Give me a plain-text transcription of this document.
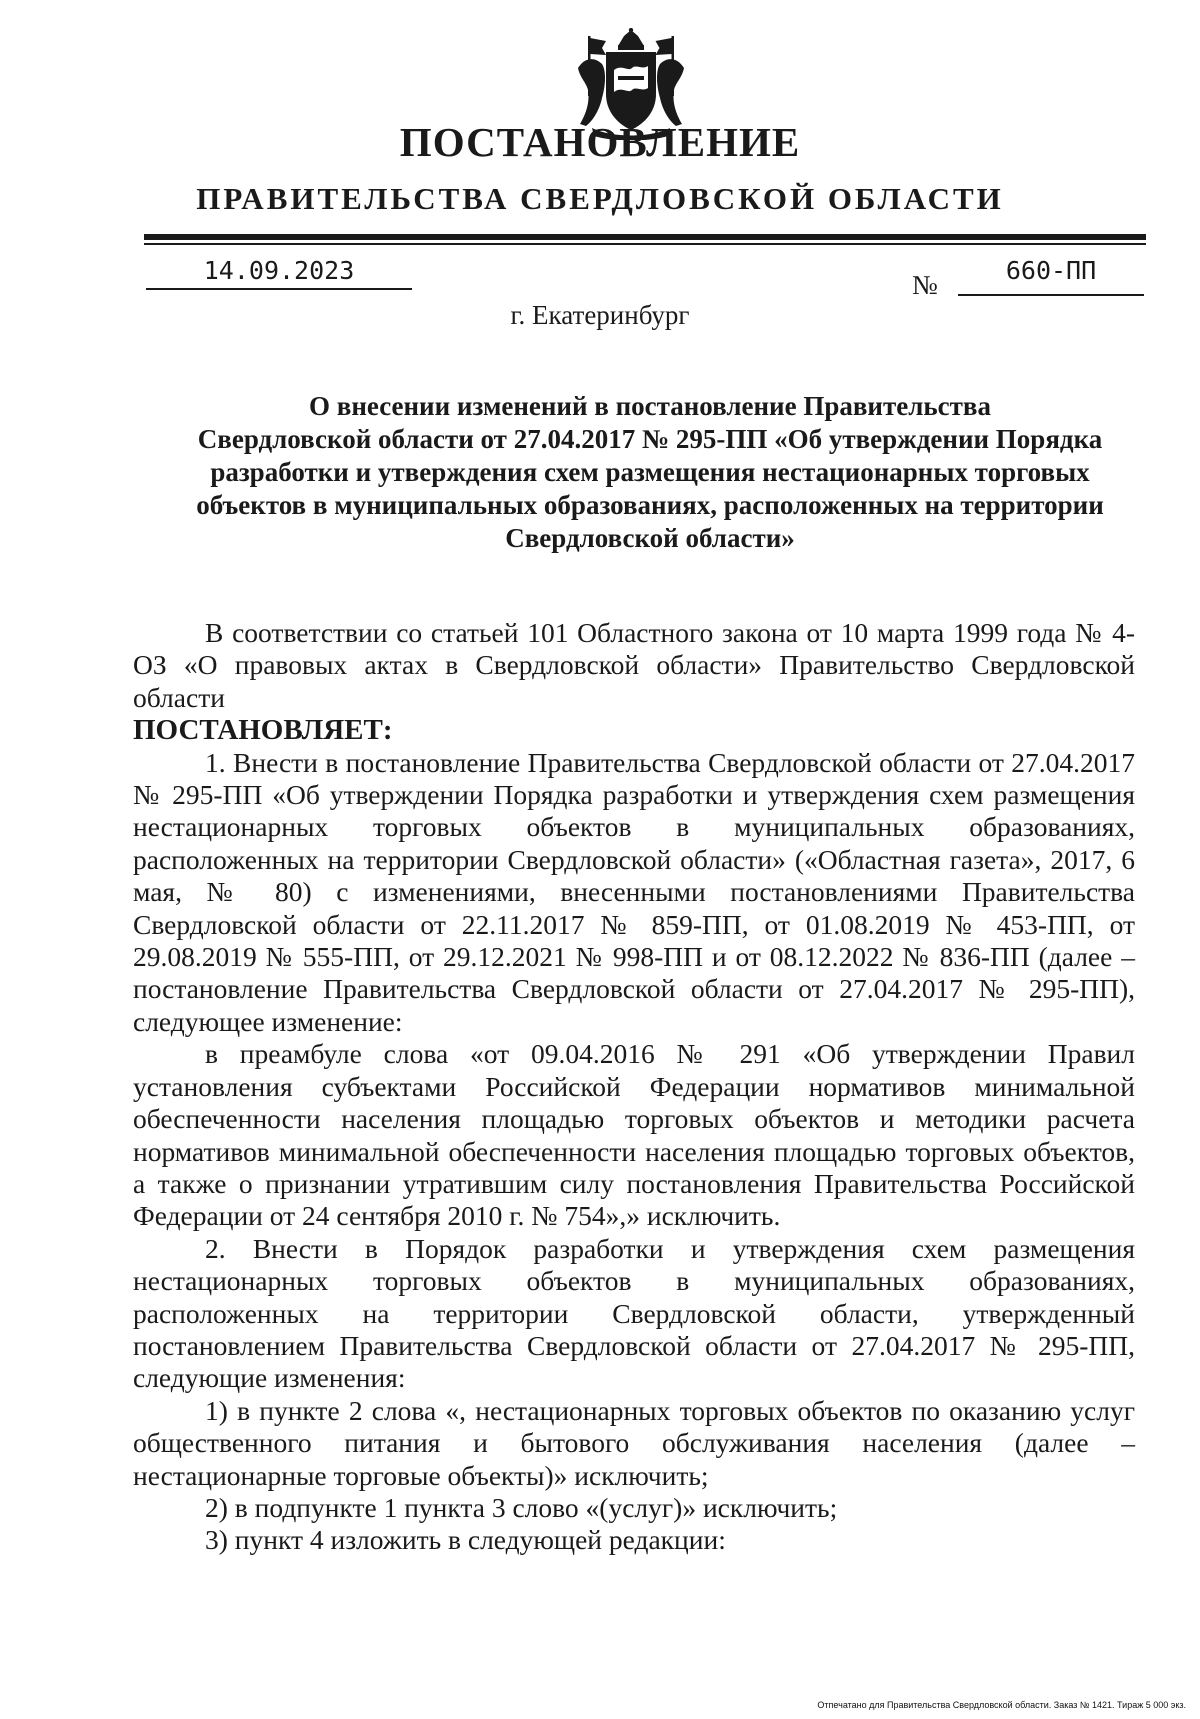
ПОСТАНОВЛЕНИЕ
ПРАВИТЕЛЬСТВА СВЕРДЛОВСКОЙ ОБЛАСТИ
14.09.2023	№	660-ПП
г. Екатеринбург
О внесении изменений в постановление Правительства
Свердловской области от 27.04.2017 № 295-ПП «Об утверждении Порядка
разработки и утверждения схем размещения нестационарных торговых
объектов в муниципальных образованиях, расположенных на территории
Свердловской области»

В соответствии со статьей 101 Областного закона от 10 марта 1999 года № 4-ОЗ «О правовых актах в Свердловской области» Правительство Свердловской области

ПОСТАНОВЛЯЕТ:

1. Внести в постановление Правительства Свердловской области от 27.04.2017 № 295-ПП «Об утверждении Порядка разработки и утверждения схем размещения нестационарных торговых объектов в муниципальных образованиях, расположенных на территории Свердловской области» («Областная газета», 2017, 6 мая, № 80) с изменениями, внесенными постановлениями Правительства Свердловской области от 22.11.2017 № 859-ПП, от 01.08.2019 № 453-ПП, от 29.08.2019 № 555-ПП, от 29.12.2021 № 998-ПП и от 08.12.2022 № 836-ПП (далее – постановление Правительства Свердловской области от 27.04.2017 № 295-ПП), следующее изменение:

в преамбуле слова «от 09.04.2016 № 291 «Об утверждении Правил установления субъектами Российской Федерации нормативов минимальной обеспеченности населения площадью торговых объектов и методики расчета нормативов минимальной обеспеченности населения площадью торговых объектов, а также о признании утратившим силу постановления Правительства Российской Федерации от 24 сентября 2010 г. № 754»,» исключить.

2. Внести в Порядок разработки и утверждения схем размещения нестационарных торговых объектов в муниципальных образованиях, расположенных на территории Свердловской области, утвержденный постановлением Правительства Свердловской области от 27.04.2017 № 295-ПП, следующие изменения:

1) в пункте 2 слова «, нестационарных торговых объектов по оказанию услуг общественного питания и бытового обслуживания населения (далее – нестационарные торговые объекты)» исключить;

2) в подпункте 1 пункта 3 слово «(услуг)» исключить;

3) пункт 4 изложить в следующей редакции:

Отпечатано для Правительства Свердловской области. Заказ № 1421. Тираж 5 000 экз.
